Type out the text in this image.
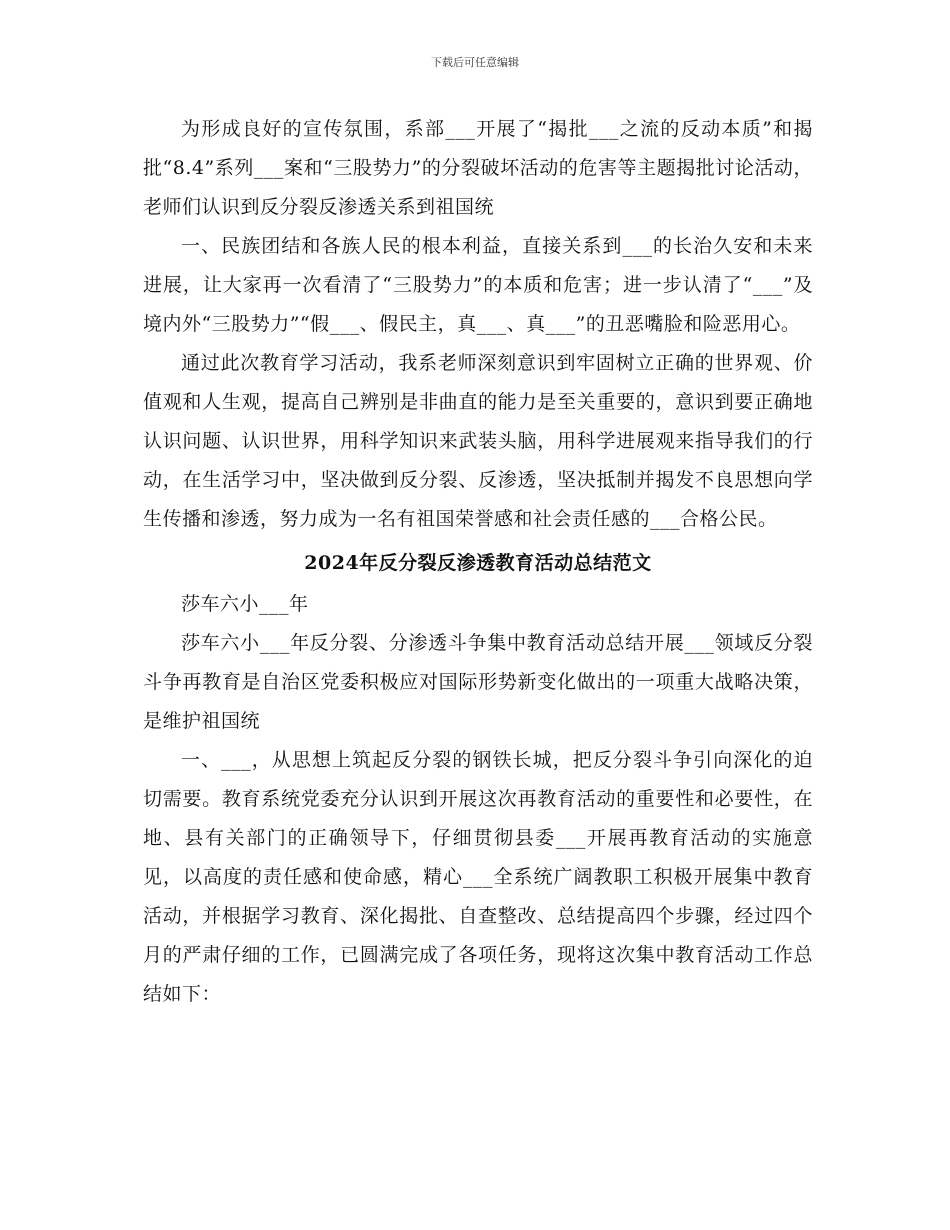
下载后可任意编辑

为形成良好的宣传氛围，系部___开展了“揭批___之流的反动本质”和揭批“8.4”系列___案和“三股势力”的分裂破坏活动的危害等主题揭批讨论活动，老师们认识到反分裂反渗透关系到祖国统

一、民族团结和各族人民的根本利益，直接关系到___的长治久安和未来进展，让大家再一次看清了“三股势力”的本质和危害；进一步认清了“___”及境内外“三股势力”“假___、假民主，真___、真___”的丑恶嘴脸和险恶用心。

通过此次教育学习活动，我系老师深刻意识到牢固树立正确的世界观、价值观和人生观，提高自己辨别是非曲直的能力是至关重要的，意识到要正确地认识问题、认识世界，用科学知识来武装头脑，用科学进展观来指导我们的行动，在生活学习中，坚决做到反分裂、反渗透，坚决抵制并揭发不良思想向学生传播和渗透，努力成为一名有祖国荣誉感和社会责任感的___合格公民。

2024年反分裂反渗透教育活动总结范文

莎车六小___年

莎车六小___年反分裂、分渗透斗争集中教育活动总结开展___领域反分裂斗争再教育是自治区党委积极应对国际形势新变化做出的一项重大战略决策，是维护祖国统

一、___，从思想上筑起反分裂的钢铁长城，把反分裂斗争引向深化的迫切需要。教育系统党委充分认识到开展这次再教育活动的重要性和必要性，在地、县有关部门的正确领导下，仔细贯彻县委___开展再教育活动的实施意见，以高度的责任感和使命感，精心___全系统广阔教职工积极开展集中教育活动，并根据学习教育、深化揭批、自查整改、总结提高四个步骤，经过四个月的严肃仔细的工作，已圆满完成了各项任务，现将这次集中教育活动工作总结如下：
